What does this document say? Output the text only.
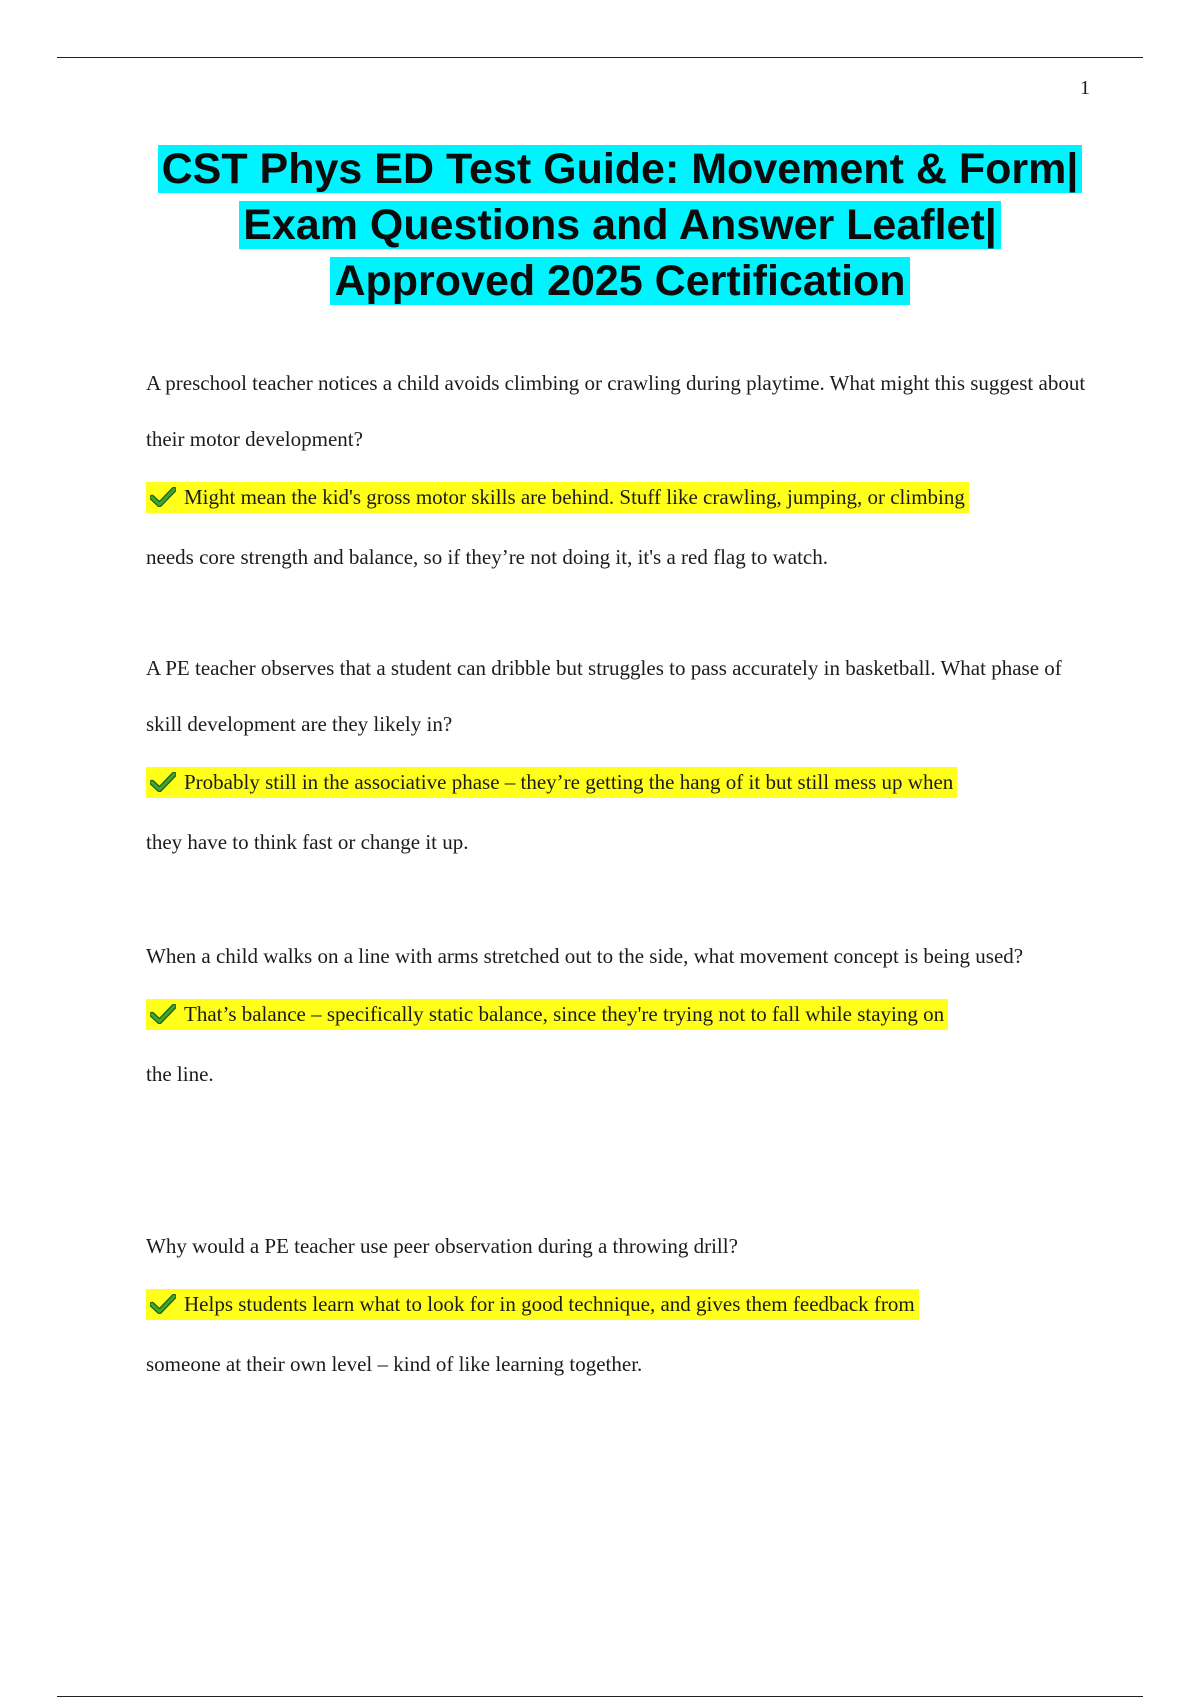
1
CST Phys ED Test Guide: Movement & Form| Exam Questions and Answer Leaflet| Approved 2025 Certification

A preschool teacher notices a child avoids climbing or crawling during playtime. What might this suggest about their motor development?

Might mean the kid's gross motor skills are behind. Stuff like crawling, jumping, or climbing
needs core strength and balance, so if they’re not doing it, it's a red flag to watch.

A PE teacher observes that a student can dribble but struggles to pass accurately in basketball. What phase of skill development are they likely in?

Probably still in the associative phase – they’re getting the hang of it but still mess up when
they have to think fast or change it up.

When a child walks on a line with arms stretched out to the side, what movement concept is being used?

That’s balance – specifically static balance, since they're trying not to fall while staying on
the line.

Why would a PE teacher use peer observation during a throwing drill?

Helps students learn what to look for in good technique, and gives them feedback from
someone at their own level – kind of like learning together.
